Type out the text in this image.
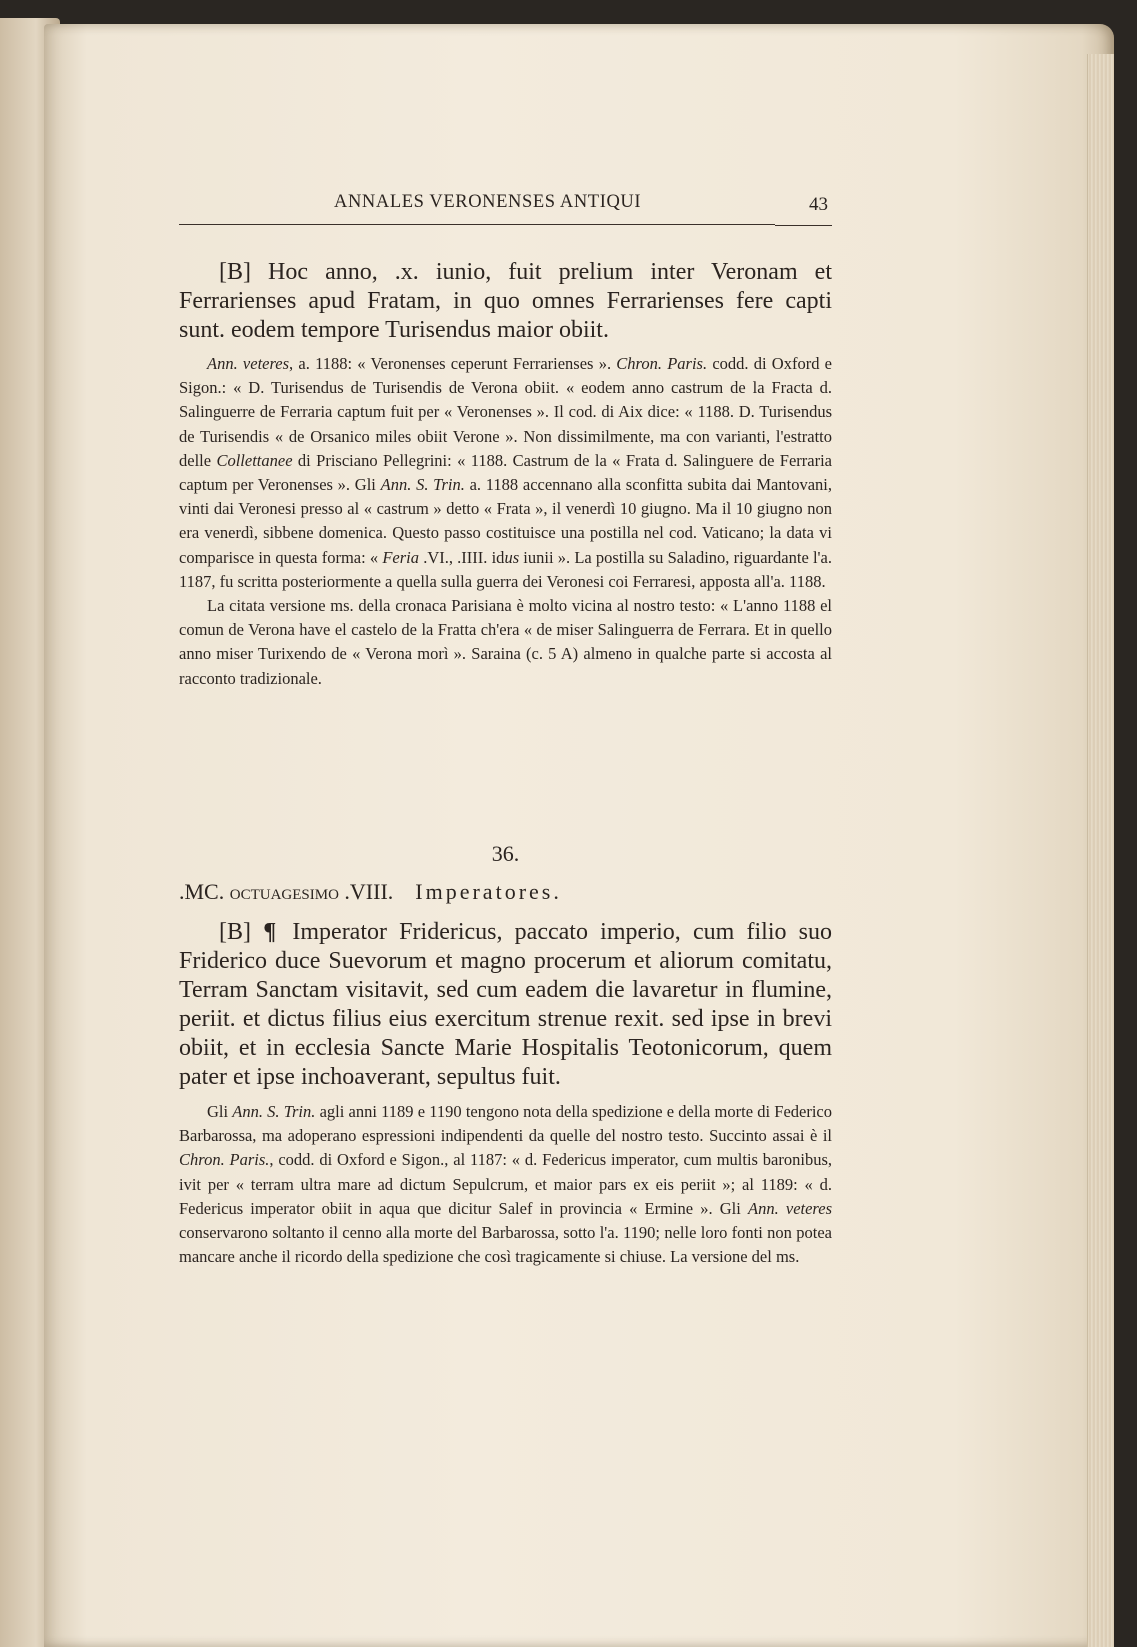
ANNALES VERONENSES ANTIQUI	43

[B] Hoc anno, .x. iunio, fuit prelium inter Veronam et Ferrarienses apud Fratam, in quo omnes Ferrarienses fere capti sunt. eodem tempore Turisendus maior obiit.

Ann. veteres, a. 1188: « Veronenses ceperunt Ferrarienses ». Chron. Paris. codd. di Oxford e Sigon.: « D. Turisendus de Turisendis de Verona obiit. « eodem anno castrum de la Fracta d. Salinguerre de Ferraria captum fuit per « Veronenses ». Il cod. di Aix dice: « 1188. D. Turisendus de Turisendis « de Orsanico miles obiit Verone ». Non dissimilmente, ma con varianti, l'estratto delle Collettanee di Prisciano Pellegrini: « 1188. Castrum de la « Frata d. Salinguere de Ferraria captum per Veronenses ». Gli Ann. S. Trin. a. 1188 accennano alla sconfitta subita dai Mantovani, vinti dai Veronesi presso al « castrum » detto « Frata », il venerdì 10 giugno. Ma il 10 giugno non era venerdì, sibbene domenica. Questo passo costituisce una postilla nel cod. Vaticano; la data vi comparisce in questa forma: « Feria .VI., .IIII. idus iunii ». La postilla su Saladino, riguardante l'a. 1187, fu scritta posteriormente a quella sulla guerra dei Veronesi coi Ferraresi, apposta all'a. 1188.

La citata versione ms. della cronaca Parisiana è molto vicina al nostro testo: « L'anno 1188 el comun de Verona have el castelo de la Fratta ch'era « de miser Salinguerra de Ferrara. Et in quello anno miser Turixendo de « Verona morì ». Saraina (c. 5 A) almeno in qualche parte si accosta al racconto tradizionale.

36.
.MC. octuagesimo .VIII. Imperatores.

[B] ¶ Imperator Fridericus, paccato imperio, cum filio suo Friderico duce Suevorum et magno procerum et aliorum comitatu, Terram Sanctam visitavit, sed cum eadem die lavaretur in flumine, periit. et dictus filius eius exercitum strenue rexit. sed ipse in brevi obiit, et in ecclesia Sancte Marie Hospitalis Teotonicorum, quem pater et ipse inchoaverant, sepultus fuit.

Gli Ann. S. Trin. agli anni 1189 e 1190 tengono nota della spedizione e della morte di Federico Barbarossa, ma adoperano espressioni indipendenti da quelle del nostro testo. Succinto assai è il Chron. Paris., codd. di Oxford e Sigon., al 1187: « d. Federicus imperator, cum multis baronibus, ivit per « terram ultra mare ad dictum Sepulcrum, et maior pars ex eis periit »; al 1189: « d. Federicus imperator obiit in aqua que dicitur Salef in provincia « Ermine ». Gli Ann. veteres conservarono soltanto il cenno alla morte del Barbarossa, sotto l'a. 1190; nelle loro fonti non potea mancare anche il ricordo della spedizione che così tragicamente si chiuse. La versione del ms.
